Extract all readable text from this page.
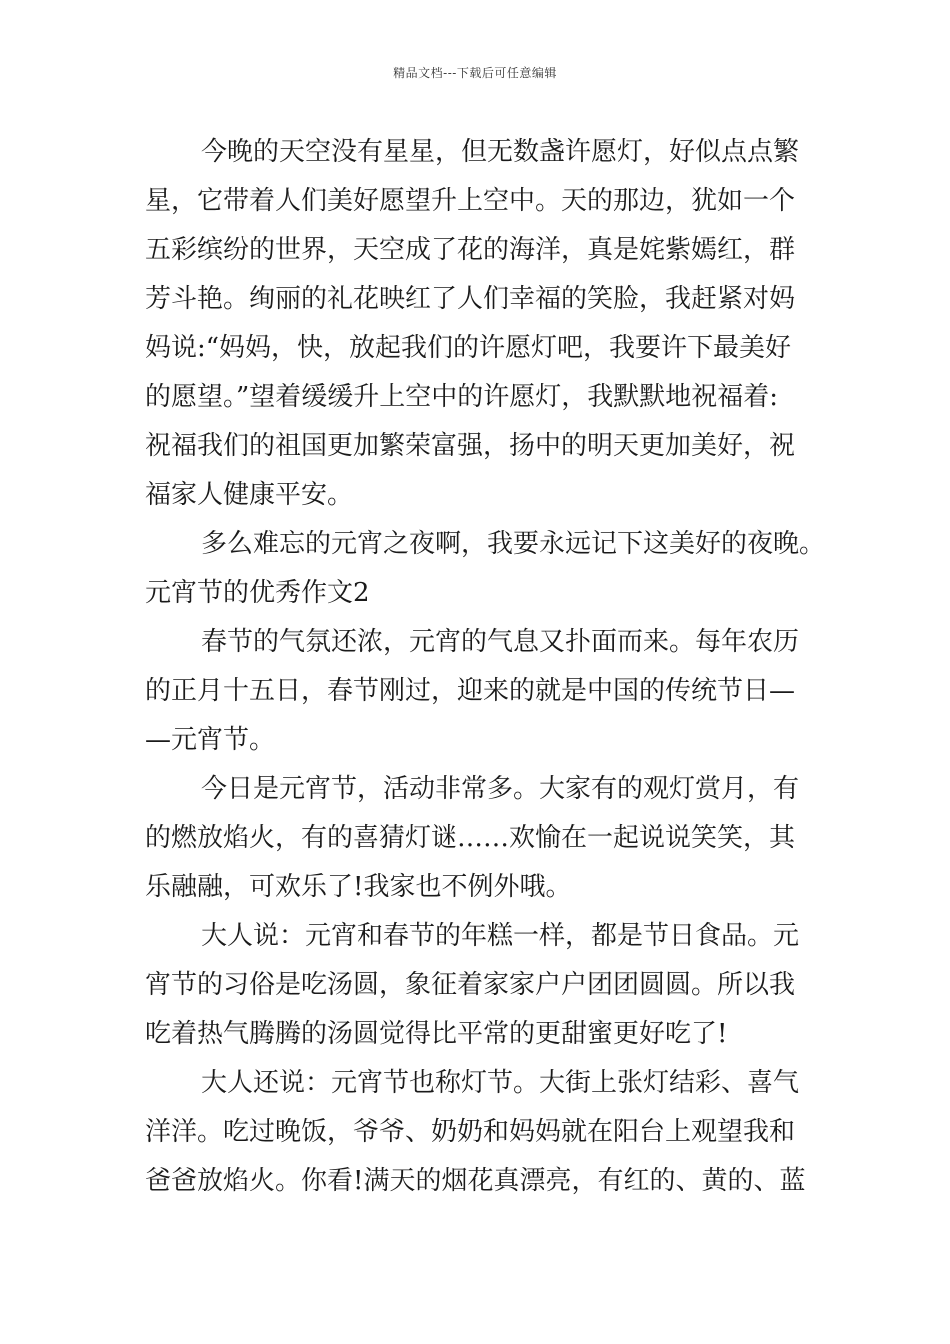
精品文档---下载后可任意编辑
今晚的天空没有星星，但无数盏许愿灯，好似点点繁
星，它带着人们美好愿望升上空中。天的那边，犹如一个
五彩缤纷的世界，天空成了花的海洋，真是姹紫嫣红，群
芳斗艳。绚丽的礼花映红了人们幸福的笑脸，我赶紧对妈
妈说:“妈妈，快，放起我们的许愿灯吧，我要许下最美好
的愿望。”望着缓缓升上空中的许愿灯，我默默地祝福着:
祝福我们的祖国更加繁荣富强，扬中的明天更加美好，祝
福家人健康平安。
多么难忘的元宵之夜啊，我要永远记下这美好的夜晚。
元宵节的优秀作文2
春节的气氛还浓，元宵的气息又扑面而来。每年农历
的正月十五日，春节刚过，迎来的就是中国的传统节日—
—元宵节。
今日是元宵节，活动非常多。大家有的观灯赏月，有
的燃放焰火，有的喜猜灯谜……欢愉在一起说说笑笑，其
乐融融，可欢乐了!我家也不例外哦。
大人说：元宵和春节的年糕一样，都是节日食品。元
宵节的习俗是吃汤圆，象征着家家户户团团圆圆。所以我
吃着热气腾腾的汤圆觉得比平常的更甜蜜更好吃了!
大人还说：元宵节也称灯节。大街上张灯结彩、喜气
洋洋。吃过晚饭，爷爷、奶奶和妈妈就在阳台上观望我和
爸爸放焰火。你看!满天的烟花真漂亮，有红的、黄的、蓝
